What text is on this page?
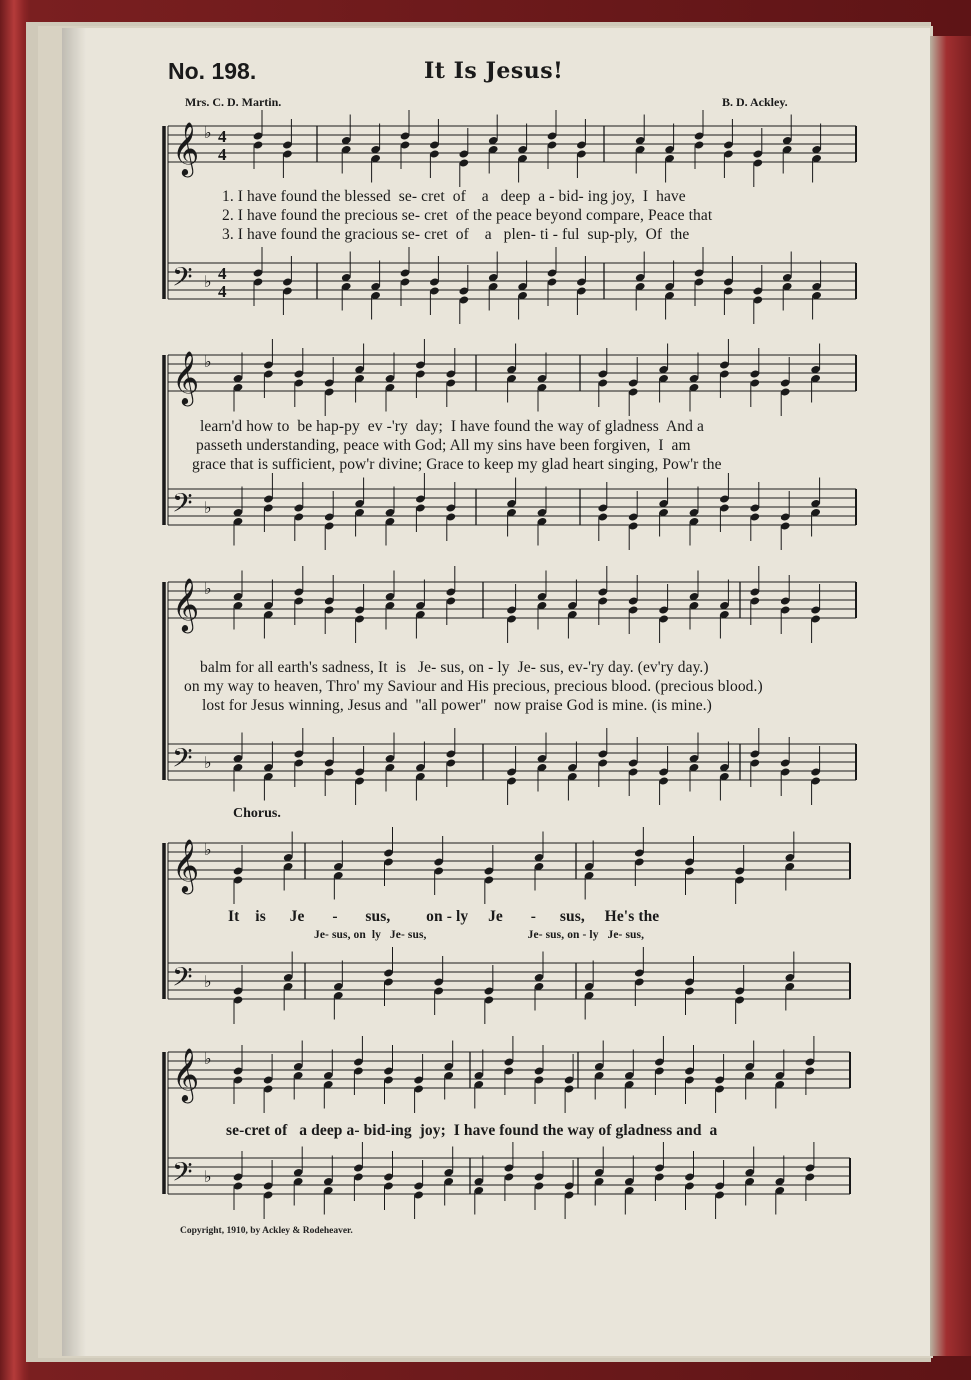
No. 198.	It Is Jesus!
Mrs. C. D. Martin.	B. D. Ackley.
𝄞 ♭ 4
4
𝄢 ♭ 4
4
𝄞 ♭
𝄢 ♭
𝄞 ♭
𝄢 ♭
𝄞 ♭
𝄢 ♭
𝄞 ♭
𝄢 ♭
1. I have found the blessed  se- cret  of    a   deep  a - bid- ing joy,  I  have
2. I have found the precious se- cret  of the peace beyond compare, Peace that
3. I have found the gracious se- cret  of    a   plen- ti - ful  sup-ply,  Of  the
learn'd how to  be hap-py  ev -'ry  day;  I have found the way of gladness  And a
passeth understanding, peace with God; All my sins have been forgiven,  I  am
grace that is sufficient, pow'r divine; Grace to keep my glad heart singing, Pow'r the
balm for all earth's sadness, It  is   Je- sus, on - ly  Je- sus, ev-'ry day. (ev'ry day.)
on my way to heaven, Thro' my Saviour and His precious, precious blood. (precious blood.)
lost for Jesus winning, Jesus and  ''all power''  now praise God is mine. (is mine.)
Chorus.
It    is      Je       -       sus,         on - ly     Je       -      sus,     He's the
Je- sus, on  ly   Je- sus,                                  Je- sus, on - ly   Je- sus,
se-cret of   a deep a- bid-ing  joy;  I have found the way of gladness and  a
Copyright, 1910, by Ackley & Rodeheaver.
